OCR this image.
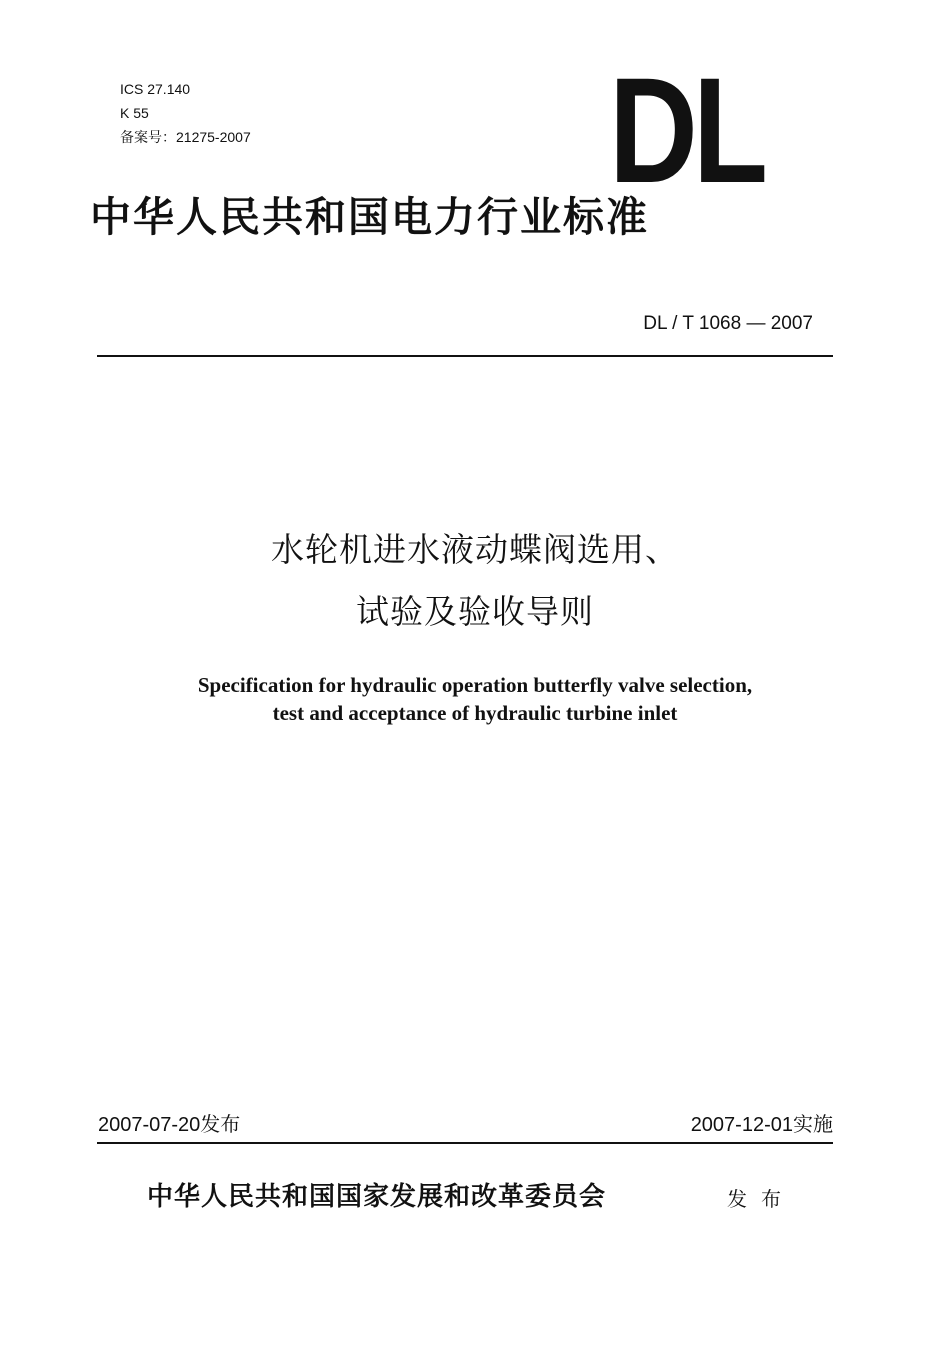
ICS 27.140
K 55
备案号：21275-2007 DL
中华人民共和国电力行业标准
DL / T 1068 — 2007
水轮机进水液动蝶阀选用、
试验及验收导则
Specification for hydraulic operation butterfly valve selection,
test and acceptance of hydraulic turbine inlet
2007-07-20发布	2007-12-01实施
中华人民共和国国家发展和改革委员会	发布
